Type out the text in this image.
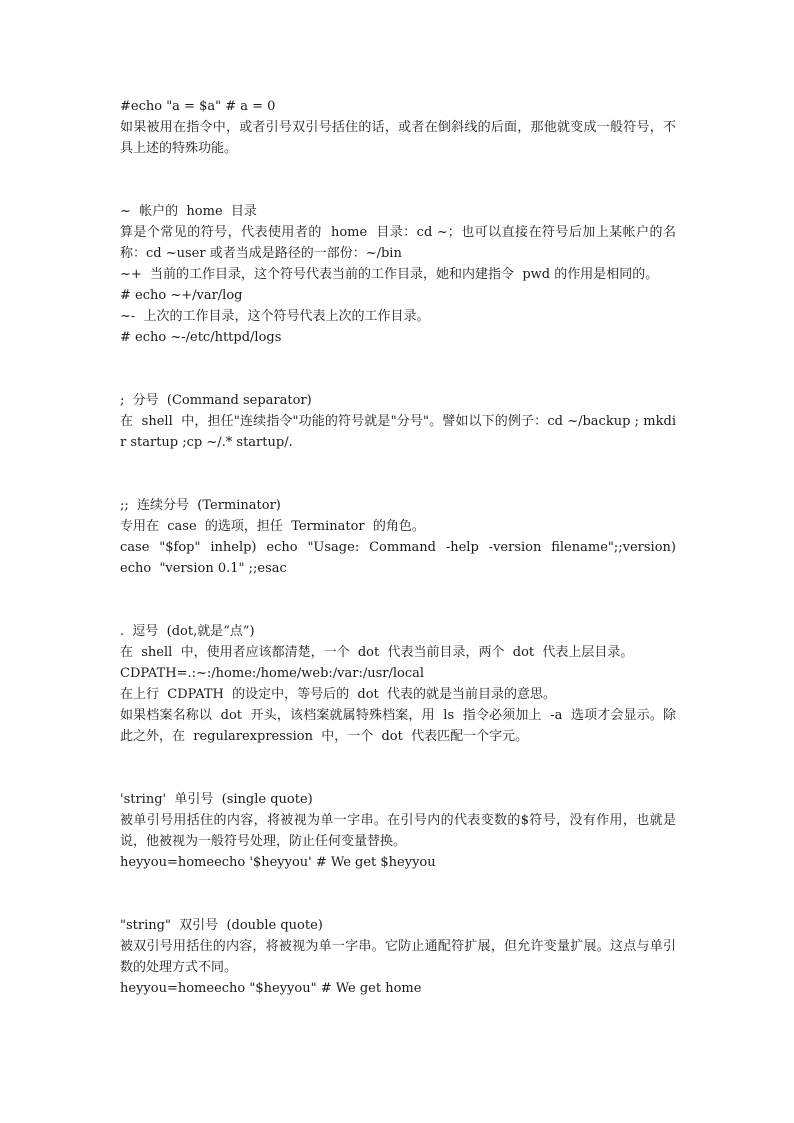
#echo "a = $a" # a = 0
如果被用在指令中，或者引号双引号括住的话，或者在倒斜线的后面，那他就变成一般符号，不具上述的特殊功能。
~  帐户的  home  目录
算是个常见的符号，代表使用者的  home  目录：cd ~；也可以直接在符号后加上某帐户的名称：cd ~user 或者当成是路径的一部份：~/bin
~+  当前的工作目录，这个符号代表当前的工作目录，她和内建指令  pwd 的作用是相同的。
# echo ~+/var/log
~-  上次的工作目录，这个符号代表上次的工作目录。
# echo ~-/etc/httpd/logs
;  分号  (Command separator)
在  shell  中，担任"连续指令"功能的符号就是"分号"。譬如以下的例子：cd ~/backup ; mkdir startup ;cp ~/.* startup/.
;;  连续分号  (Terminator)
专用在  case  的选项，担任  Terminator  的角色。
case  "$fop"  inhelp)  echo  "Usage:  Command  -help  -version  filename";;version)  echo  "version 0.1" ;;esac
.  逗号  (dot,就是“点”)
在  shell  中，使用者应该都清楚，一个  dot  代表当前目录，两个  dot  代表上层目录。
CDPATH=.:~:/home:/home/web:/var:/usr/local
在上行  CDPATH  的设定中，等号后的  dot  代表的就是当前目录的意思。
如果档案名称以  dot  开头，该档案就属特殊档案，用  ls  指令必须加上  -a  选项才会显示。除此之外，在  regularexpression  中，一个  dot  代表匹配一个字元。
'string'  单引号  (single quote)
被单引号用括住的内容，将被视为单一字串。在引号内的代表变数的$符号，没有作用，也就是说，他被视为一般符号处理，防止任何变量替换。
heyyou=homeecho '$heyyou' # We get $heyyou
"string"  双引号  (double quote)
被双引号用括住的内容，将被视为单一字串。它防止通配符扩展，但允许变量扩展。这点与单引数的处理方式不同。
heyyou=homeecho "$heyyou" # We get home
